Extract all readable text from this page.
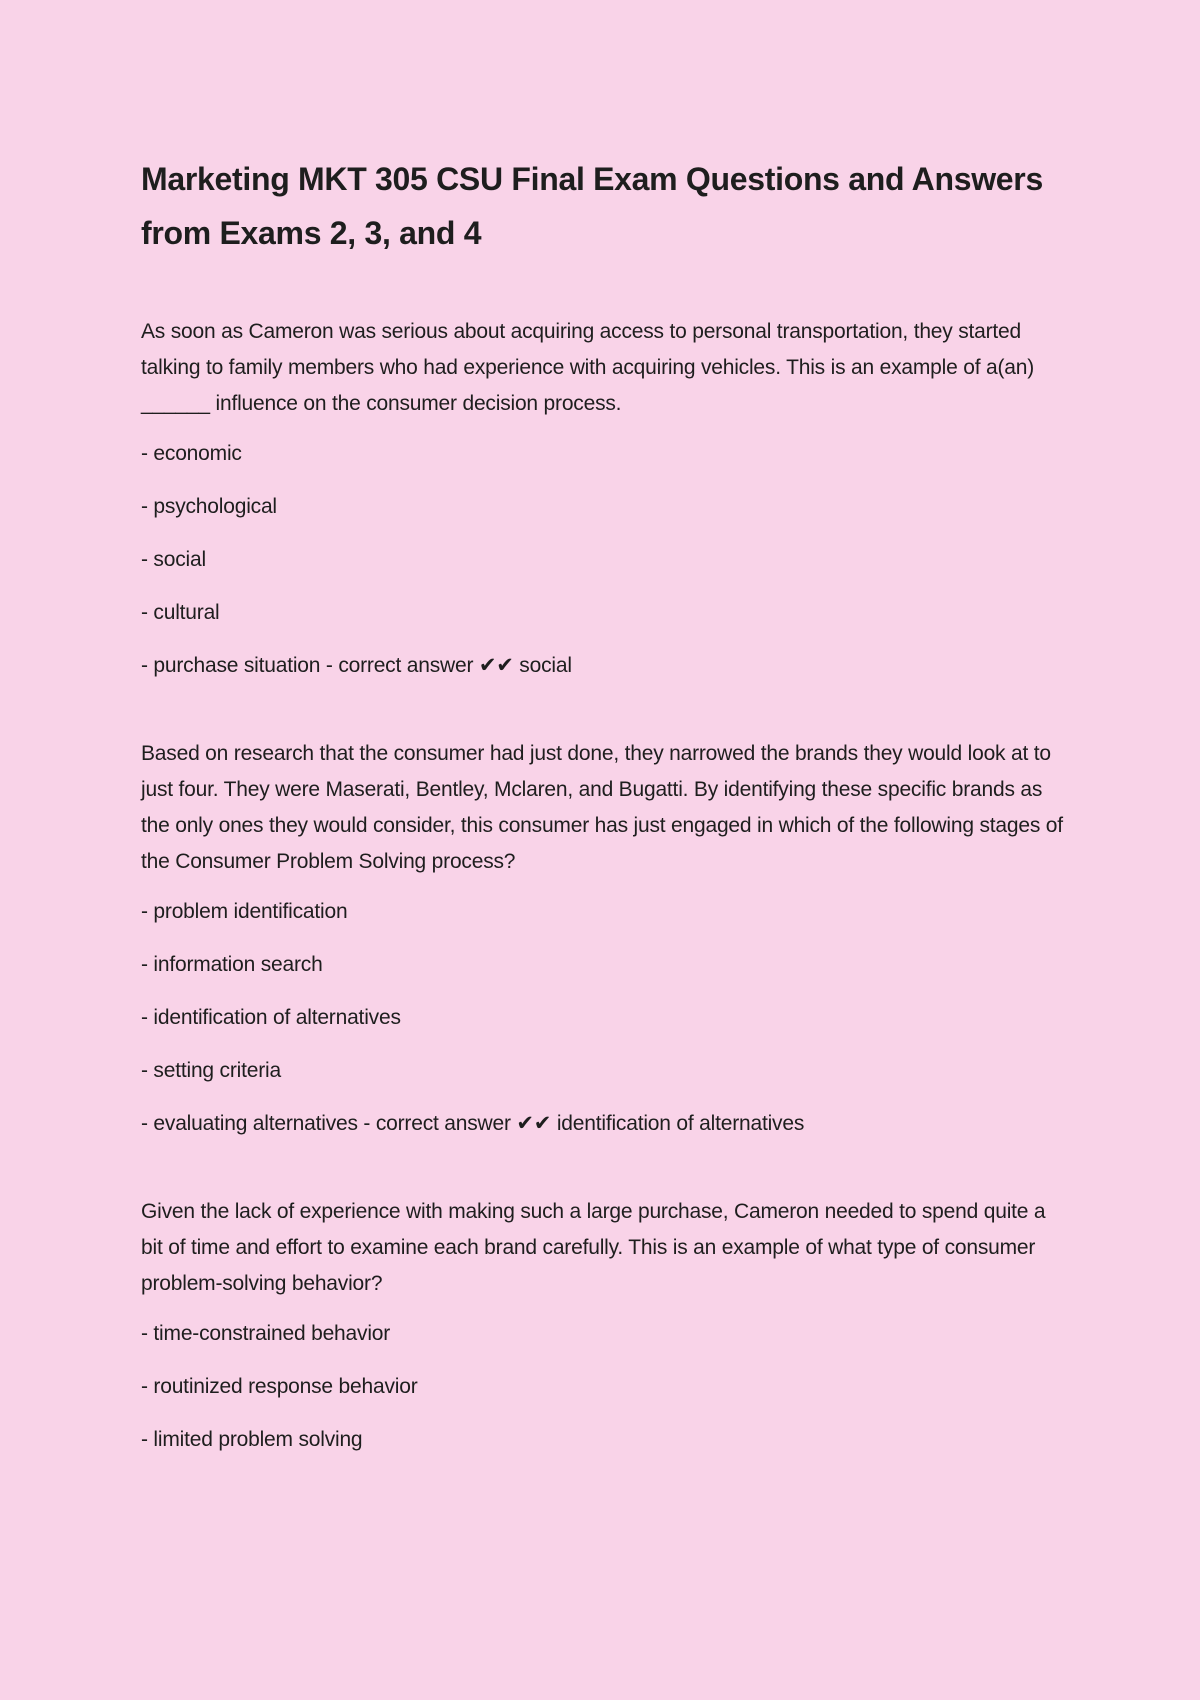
Marketing MKT 305 CSU Final Exam Questions and Answers from Exams 2, 3, and 4

As soon as Cameron was serious about acquiring access to personal transportation, they started talking to family members who had experience with acquiring vehicles. This is an example of a(an) ______ influence on the consumer decision process.

- economic
- psychological
- social
- cultural
- purchase situation - correct answer ✔✔ social

Based on research that the consumer had just done, they narrowed the brands they would look at to just four. They were Maserati, Bentley, Mclaren, and Bugatti. By identifying these specific brands as the only ones they would consider, this consumer has just engaged in which of the following stages of the Consumer Problem Solving process?

- problem identification
- information search
- identification of alternatives
- setting criteria
- evaluating alternatives - correct answer ✔✔ identification of alternatives

Given the lack of experience with making such a large purchase, Cameron needed to spend quite a bit of time and effort to examine each brand carefully. This is an example of what type of consumer problem-solving behavior?

- time-constrained behavior
- routinized response behavior
- limited problem solving
